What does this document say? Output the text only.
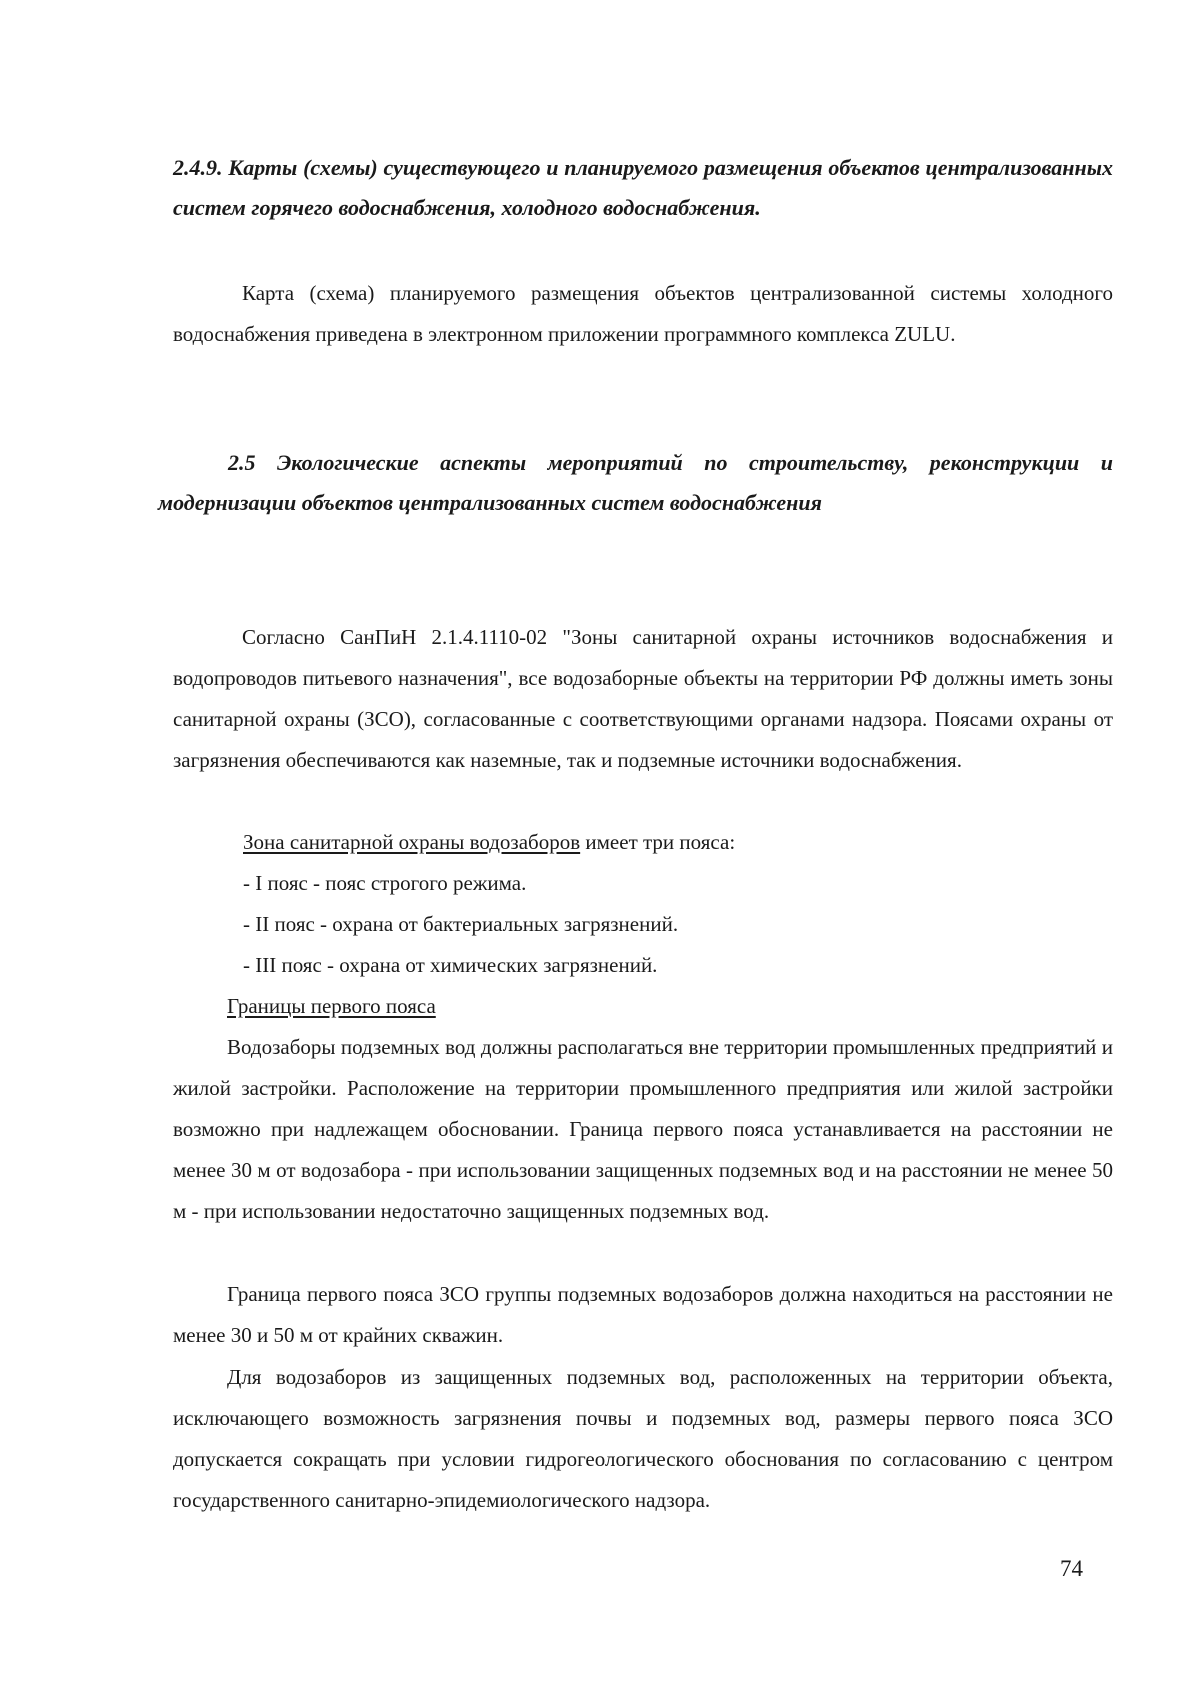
2.4.9. Карты (схемы) существующего и планируемого размещения объектов централизованных систем горячего водоснабжения, холодного водоснабжения.

Карта (схема) планируемого размещения объектов централизованной системы холодного водоснабжения приведена в электронном приложении программного комплекса ZULU.

2.5 Экологические аспекты мероприятий по строительству, реконструкции и модернизации объектов централизованных систем водоснабжения

Согласно СанПиН 2.1.4.1110-02 "Зоны санитарной охраны источников водоснабжения и водопроводов питьевого назначения", все водозаборные объекты на территории РФ должны иметь зоны санитарной охраны (ЗСО), согласованные с соответствующими органами надзора. Поясами охраны от загрязнения обеспечиваются как наземные, так и подземные источники водоснабжения.

Зона санитарной охраны водозаборов имеет три пояса:

- I пояс - пояс строгого режима.
- II пояс - охрана от бактериальных загрязнений.
- III пояс - охрана от химических загрязнений.

Границы первого пояса

Водозаборы подземных вод должны располагаться вне территории промышленных предприятий и жилой застройки. Расположение на территории промышленного предприятия или жилой застройки возможно при надлежащем обосновании. Граница первого пояса устанавливается на расстоянии не менее 30 м от водозабора - при использовании защищенных подземных вод и на расстоянии не менее 50 м - при использовании недостаточно защищенных подземных вод.

Граница первого пояса ЗСО группы подземных водозаборов должна находиться на расстоянии не менее 30 и 50 м от крайних скважин.

Для водозаборов из защищенных подземных вод, расположенных на территории объекта, исключающего возможность загрязнения почвы и подземных вод, размеры первого пояса ЗСО допускается сокращать при условии гидрогеологического обоснования по согласованию с центром государственного санитарно-эпидемиологического надзора.

74
